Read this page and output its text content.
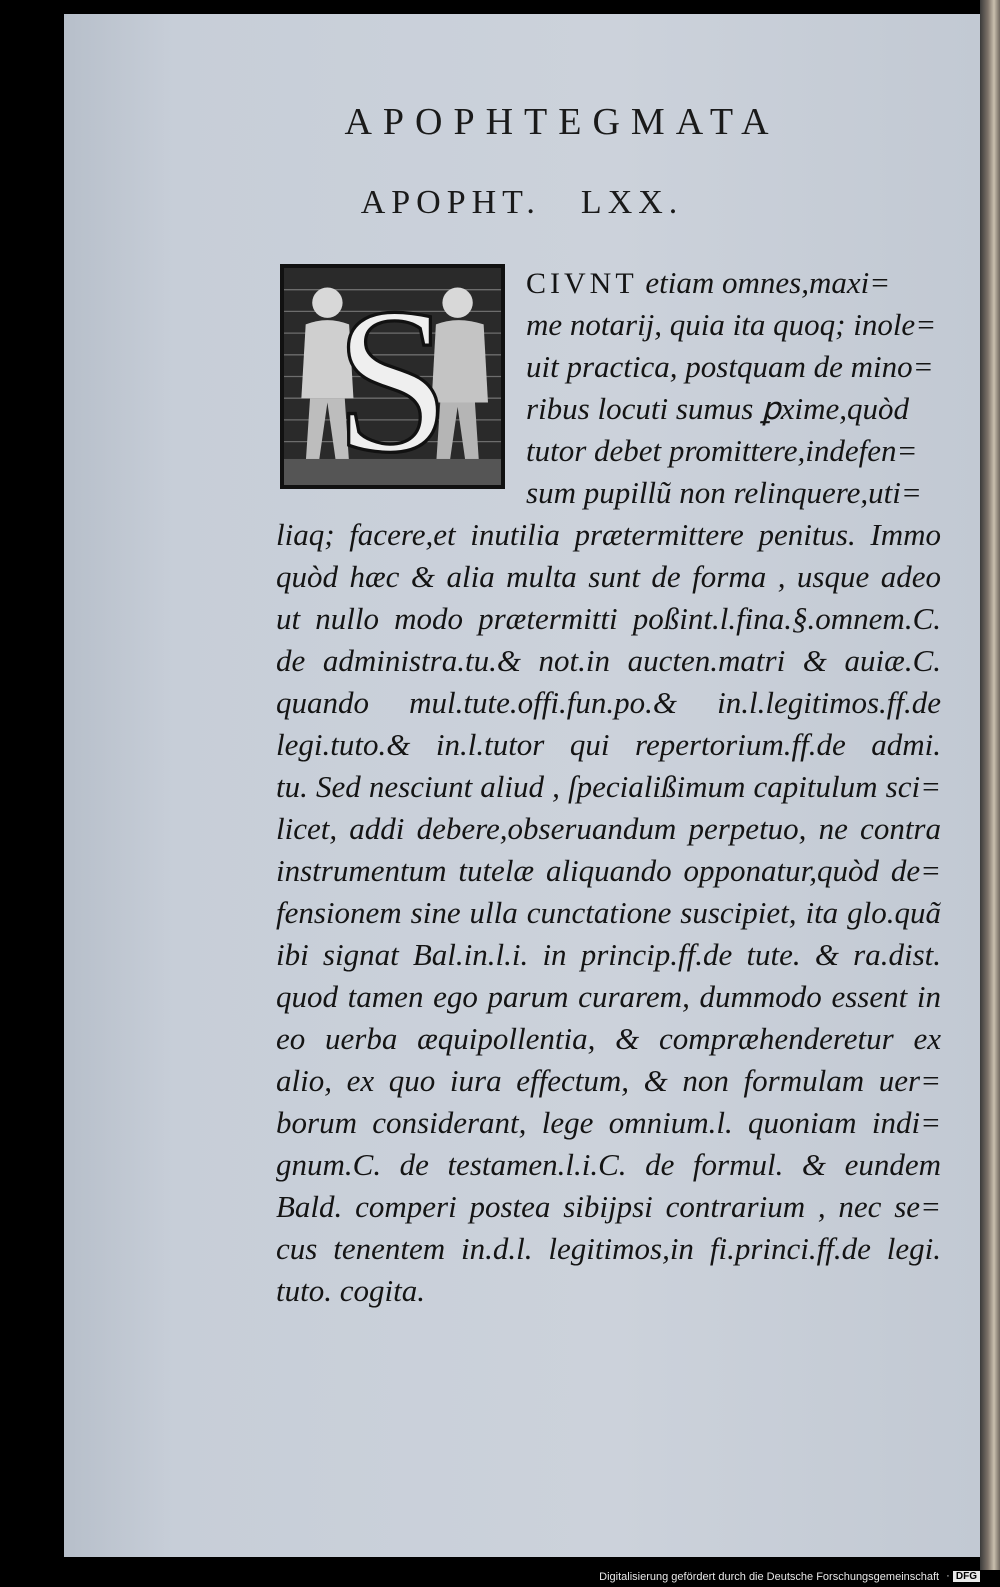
APOPHTEGMATA
APOPHT. LXX.
S	CIVNT etiam omnes,maxi=
me notarij, quia ita quoq; inole=
uit practica, postquam de mino=
ribus locuti sumus ꝑxime,quòd
tutor debet promittere,indefen=
sum pupillũ non relinquere,uti=
liaq; facere,et inutilia prætermittere penitus. Immo
quòd hæc & alia multa sunt de forma , usque adeo
ut nullo modo prætermitti poßint.l.fina.§.omnem.C.
de administra.tu.& not.in aucten.matri & auiæ.C.
quando mul.tute.offi.fun.po.& in.l.legitimos.ff.de
legi.tuto.& in.l.tutor qui repertorium.ff.de admi.
tu. Sed nesciunt aliud , ſpecialißimum capitulum sci=
licet, addi debere,obseruandum perpetuo, ne contra
instrumentum tutelæ aliquando opponatur,quòd de=
fensionem sine ulla cunctatione suscipiet, ita glo.quã
ibi signat Bal.in.l.i. in princip.ff.de tute. & ra.dist.
quod tamen ego parum curarem, dummodo essent in
eo uerba æquipollentia, & compræhenderetur ex
alio, ex quo iura effectum, & non formulam uer=
borum considerant, lege omnium.l. quoniam indi=
gnum.C. de testamen.l.i.C. de formul. & eundem
Bald. comperi postea sibijpsi contrarium , nec se=
cus tenentem in.d.l. legitimos,in fi.princi.ff.de legi.
tuto. cogita.
Digitalisierung gefördert durch die Deutsche Forschungsgemeinschaft · DFG
